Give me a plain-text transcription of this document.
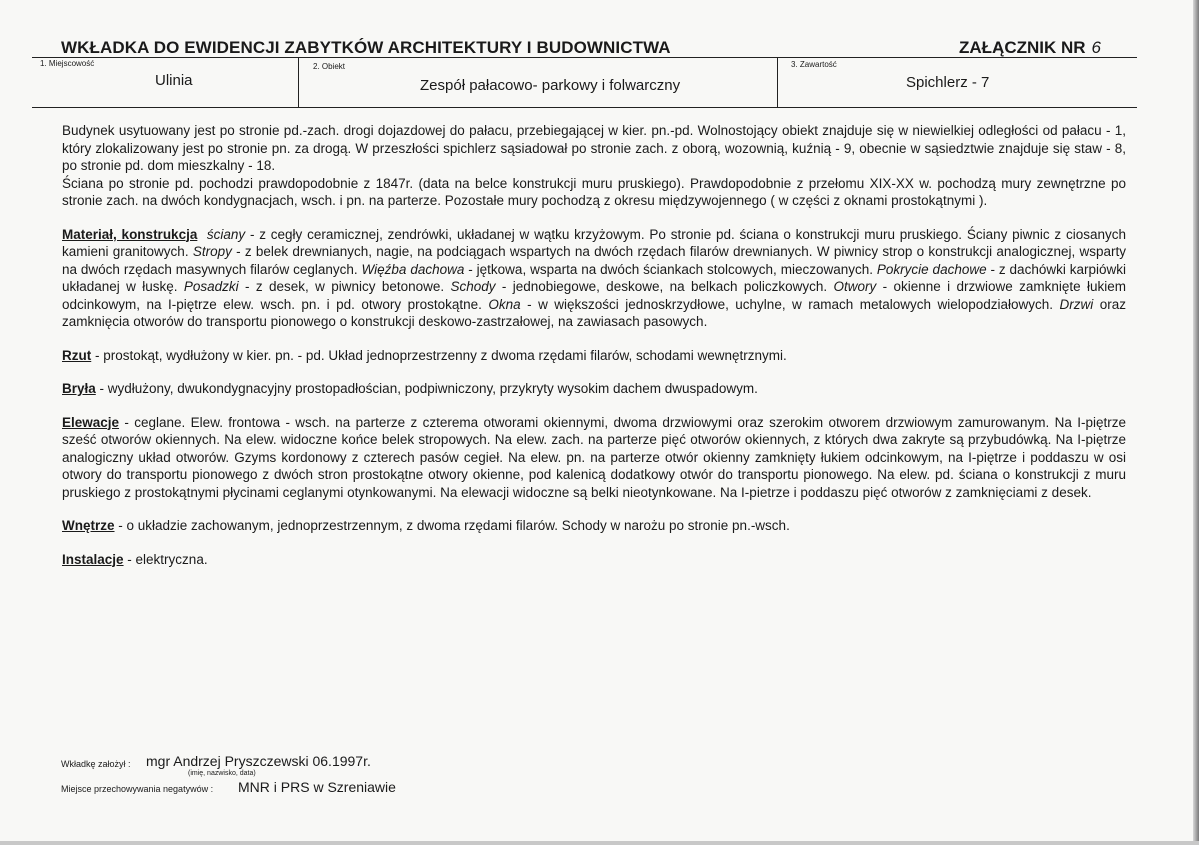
WKŁADKA DO EWIDENCJI ZABYTKÓW ARCHITEKTURY I BUDOWNICTWA	ZAŁĄCZNIK NR 6
1. Miejscowość
Ulinia
2. Obiekt
Zespół pałacowo- parkowy i folwarczny
3. Zawartość
Spichlerz - 7

Budynek usytuowany jest po stronie pd.-zach. drogi dojazdowej do pałacu, przebiegającej w kier. pn.-pd. Wolnostojący obiekt znajduje się w niewielkiej odległości od pałacu - 1, który zlokalizowany jest po stronie pn. za drogą. W przeszłości spichlerz sąsiadował po stronie zach. z oborą, wozownią, kuźnią - 9, obecnie w sąsiedztwie znajduje się staw - 8, po stronie pd. dom mieszkalny - 18.

Ściana po stronie pd. pochodzi prawdopodobnie z 1847r. (data na belce konstrukcji muru pruskiego). Prawdopodobnie z przełomu XIX-XX w. pochodzą mury zewnętrzne po stronie zach. na dwóch kondygnacjach, wsch. i pn. na parterze. Pozostałe mury pochodzą z okresu międzywojennego ( w części z oknami prostokątnymi ).

Materiał, konstrukcja ściany - z cegły ceramicznej, zendrówki, układanej w wątku krzyżowym. Po stronie pd. ściana o konstrukcji muru pruskiego. Ściany piwnic z ciosanych kamieni granitowych. Stropy - z belek drewnianych, nagie, na podciągach wspartych na dwóch rzędach filarów drewnianych. W piwnicy strop o konstrukcji analogicznej, wsparty na dwóch rzędach masywnych filarów ceglanych. Więźba dachowa - jętkowa, wsparta na dwóch ściankach stolcowych, mieczowanych. Pokrycie dachowe - z dachówki karpiówki układanej w łuskę. Posadzki - z desek, w piwnicy betonowe. Schody - jednobiegowe, deskowe, na belkach policzkowych. Otwory - okienne i drzwiowe zamknięte łukiem odcinkowym, na I-piętrze elew. wsch. pn. i pd. otwory prostokątne. Okna - w większości jednoskrzydłowe, uchylne, w ramach metalowych wielopodziałowych. Drzwi oraz zamknięcia otworów do transportu pionowego o konstrukcji deskowo-zastrzałowej, na zawiasach pasowych.

Rzut - prostokąt, wydłużony w kier. pn. - pd. Układ jednoprzestrzenny z dwoma rzędami filarów, schodami wewnętrznymi.

Bryła - wydłużony, dwukondygnacyjny prostopadłościan, podpiwniczony, przykryty wysokim dachem dwuspadowym.

Elewacje - ceglane. Elew. frontowa - wsch. na parterze z czterema otworami okiennymi, dwoma drzwiowymi oraz szerokim otworem drzwiowym zamurowanym. Na I-piętrze sześć otworów okiennych. Na elew. widoczne końce belek stropowych. Na elew. zach. na parterze pięć otworów okiennych, z których dwa zakryte są przybudówką. Na I-piętrze analogiczny układ otworów. Gzyms kordonowy z czterech pasów cegieł. Na elew. pn. na parterze otwór okienny zamknięty łukiem odcinkowym, na I-piętrze i poddaszu w osi otwory do transportu pionowego z dwóch stron prostokątne otwory okienne, pod kalenicą dodatkowy otwór do transportu pionowego. Na elew. pd. ściana o konstrukcji z muru pruskiego z prostokątnymi płycinami ceglanymi otynkowanymi. Na elewacji widoczne są belki nieotynkowane. Na I-pietrze i poddaszu pięć otworów z zamknięciami z desek.

Wnętrze - o układzie zachowanym, jednoprzestrzennym, z dwoma rzędami filarów. Schody w narożu po stronie pn.-wsch.

Instalacje - elektryczna.

Wkładkę założył : mgr Andrzej Pryszczewski 06.1997r.
(imię, nazwisko, data)
Miejsce przechowywania negatywów : MNR i PRS w Szreniawie
